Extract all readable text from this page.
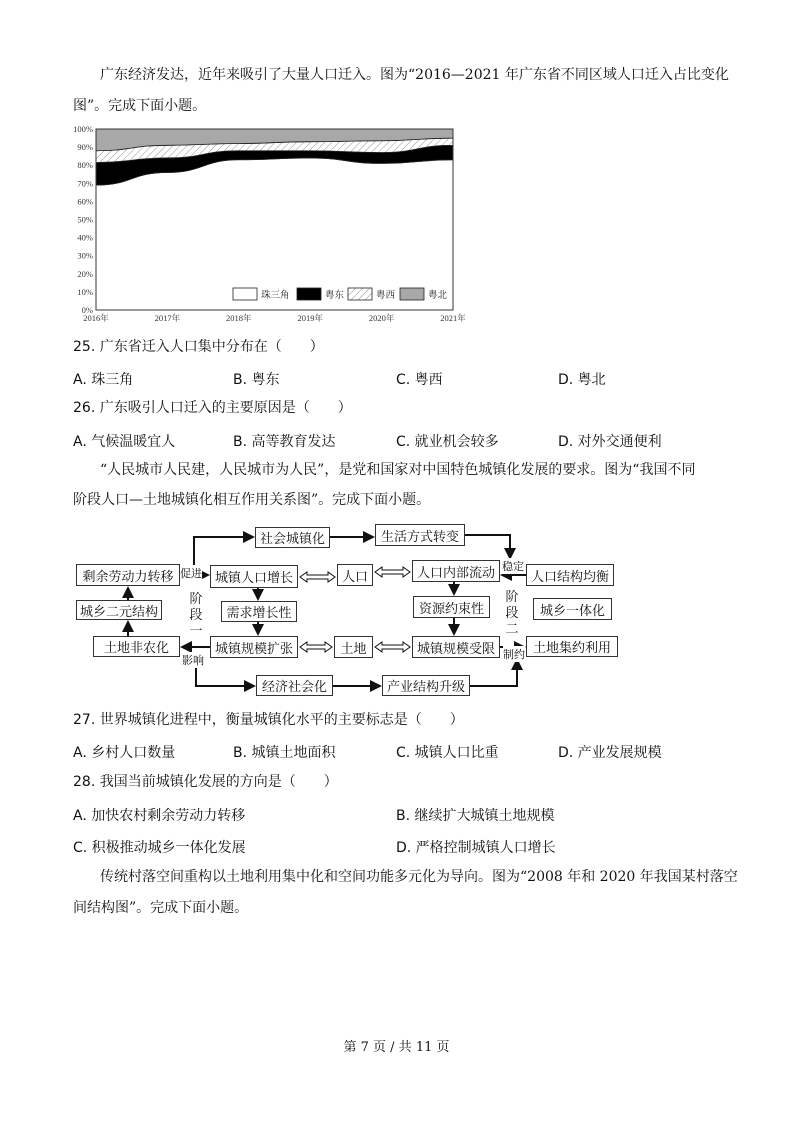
广东经济发达，近年来吸引了大量人口迁入。图为“2016—2021 年广东省不同区域人口迁入占比变化
图”。完成下面小题。
0%
10%
20%
30%
40%
50%
60%
70%
80%
90%
100%
2016年	2017年	2018年	2019年	2020年	2021年
珠三角	粤东	粤西	粤北
25. 广东省迁入人口集中分布在（　　）
A. 珠三角	B. 粤东	C. 粤西	D. 粤北
26. 广东吸引人口迁入的主要原因是（　　）
A. 气候温暖宜人	B. 高等教育发达	C. 就业机会较多	D. 对外交通便利
“人民城市人民建，人民城市为人民”，是党和国家对中国特色城镇化发展的要求。图为“我国不同
阶段人口—土地城镇化相互作用关系图”。完成下面小题。
社会城镇化	生活方式转变
剩余劳动力转移	城镇人口增长	人口	人口内部流动	人口结构均衡
城乡二元结构	需求增长性	资源约束性	城乡一体化
土地非农化	城镇规模扩张	土地	城镇规模受限	土地集约利用
经济社会化	产业结构升级
促进
阶段一
影响
稳定
阶段二
制约
27. 世界城镇化进程中，衡量城镇化水平的主要标志是（　　）
A. 乡村人口数量	B. 城镇土地面积	C. 城镇人口比重	D. 产业发展规模
28. 我国当前城镇化发展的方向是（　　）
A. 加快农村剩余劳动力转移	B. 继续扩大城镇土地规模
C. 积极推动城乡一体化发展	D. 严格控制城镇人口增长
传统村落空间重构以土地利用集中化和空间功能多元化为导向。图为“2008 年和 2020 年我国某村落空
间结构图”。完成下面小题。
第 7 页 / 共 11 页
